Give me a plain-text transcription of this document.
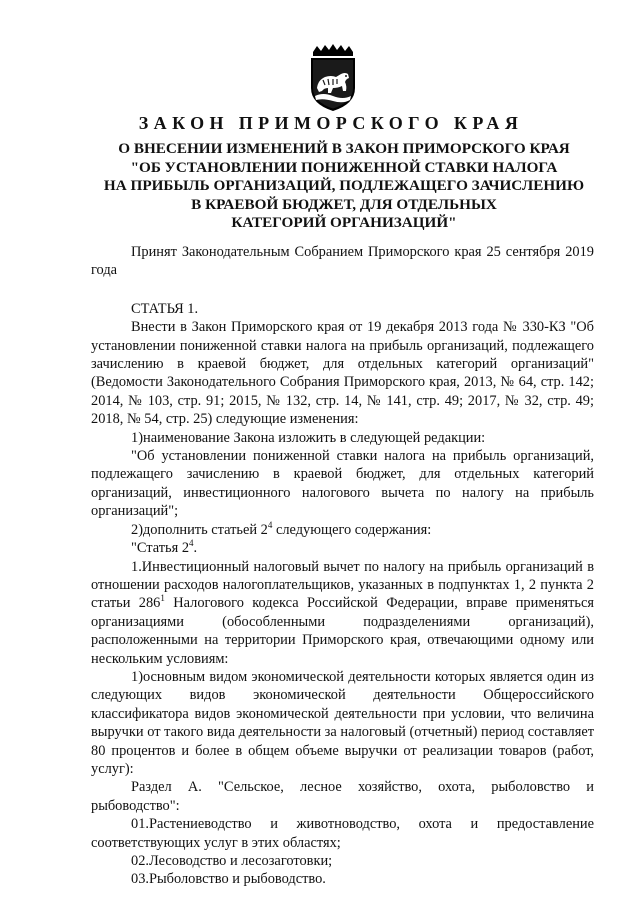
ЗАКОН ПРИМОРСКОГО КРАЯ
О ВНЕСЕНИИ ИЗМЕНЕНИЙ В ЗАКОН ПРИМОРСКОГО КРАЯ
"ОБ УСТАНОВЛЕНИИ ПОНИЖЕННОЙ СТАВКИ НАЛОГА
НА ПРИБЫЛЬ ОРГАНИЗАЦИЙ, ПОДЛЕЖАЩЕГО ЗАЧИСЛЕНИЮ
В КРАЕВОЙ БЮДЖЕТ, ДЛЯ ОТДЕЛЬНЫХ
КАТЕГОРИЙ ОРГАНИЗАЦИЙ"

Принят Законодательным Собранием Приморского края 25 сентября 2019 года

СТАТЬЯ 1.

Внести в Закон Приморского края от 19 декабря 2013 года № 330-КЗ "Об установлении пониженной ставки налога на прибыль организаций, подлежащего зачислению в краевой бюджет, для отдельных категорий организаций" (Ведомости Законодательного Собрания Приморского края, 2013, № 64, стр. 142; 2014, № 103, стр. 91; 2015, № 132, стр. 14, № 141, стр. 49; 2017, № 32, стр. 49; 2018, № 54, стр. 25) следующие изменения:

1)наименование Закона изложить в следующей редакции:

"Об установлении пониженной ставки налога на прибыль организаций, подлежащего зачислению в краевой бюджет, для отдельных категорий организаций, инвестиционного налогового вычета по налогу на прибыль организаций";

2)дополнить статьей $2^4$ следующего содержания:

"Статья $2^4$.

1.Инвестиционный налоговый вычет по налогу на прибыль организаций в отношении расходов налогоплательщиков, указанных в подпунктах 1, 2 пункта 2 статьи $286^1$ Налогового кодекса Российской Федерации, вправе применяться организациями (обособленными подразделениями организаций), расположенными на территории Приморского края, отвечающими одному или нескольким условиям:

1)основным видом экономической деятельности которых является один из следующих видов экономической деятельности Общероссийского классификатора видов экономической деятельности при условии, что величина выручки от такого вида деятельности за налоговый (отчетный) период составляет 80 процентов и более в общем объеме выручки от реализации товаров (работ, услуг):

Раздел А. "Сельское, лесное хозяйство, охота, рыболовство и рыбоводство":

01.Растениеводство и животноводство, охота и предоставление соответствующих услуг в этих областях;

02.Лесоводство и лесозаготовки;

03.Рыболовство и рыбоводство.
